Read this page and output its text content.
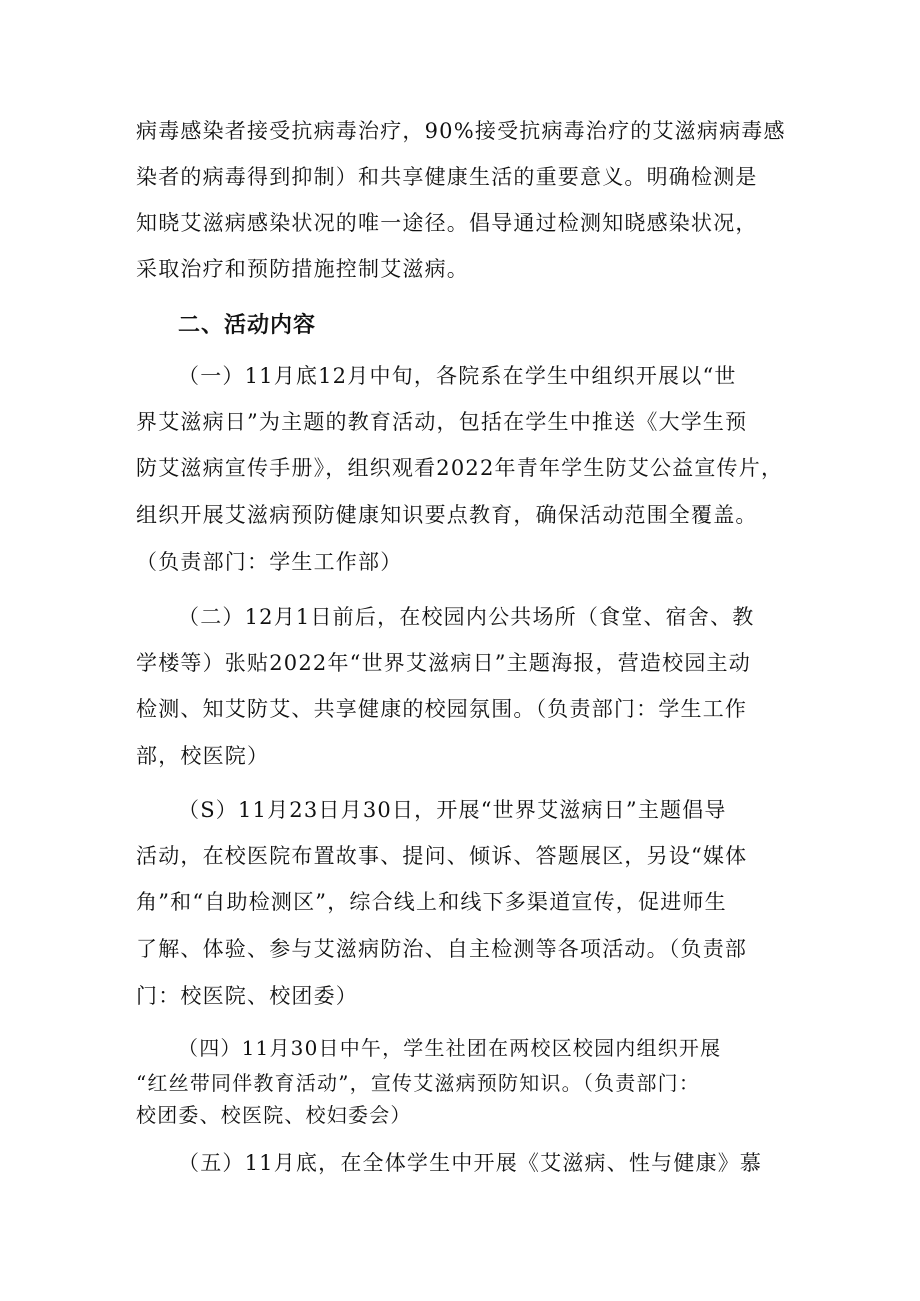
病毒感染者接受抗病毒治疗，90%接受抗病毒治疗的艾滋病病毒感
染者的病毒得到抑制）和共享健康生活的重要意义。明确检测是
知晓艾滋病感染状况的唯一途径。倡导通过检测知晓感染状况，
采取治疗和预防措施控制艾滋病。
二、活动内容
（一）11月底12月中旬，各院系在学生中组织开展以“世
界艾滋病日”为主题的教育活动，包括在学生中推送《大学生预
防艾滋病宣传手册》，组织观看2022年青年学生防艾公益宣传片，
组织开展艾滋病预防健康知识要点教育，确保活动范围全覆盖。
（负责部门：学生工作部）
（二）12月1日前后，在校园内公共场所（食堂、宿舍、教
学楼等）张贴2022年“世界艾滋病日”主题海报，营造校园主动
检测、知艾防艾、共享健康的校园氛围。（负责部门：学生工作
部，校医院）
（S）11月23日月30日，开展“世界艾滋病日”主题倡导
活动，在校医院布置故事、提问、倾诉、答题展区，另设“媒体
角”和“自助检测区”，综合线上和线下多渠道宣传，促进师生
了解、体验、参与艾滋病防治、自主检测等各项活动。（负责部
门：校医院、校团委）
（四）11月30日中午，学生社团在两校区校园内组织开展
“红丝带同伴教育活动”，宣传艾滋病预防知识。（负责部门：
校团委、校医院、校妇委会）
（五）11月底，在全体学生中开展《艾滋病、性与健康》慕
